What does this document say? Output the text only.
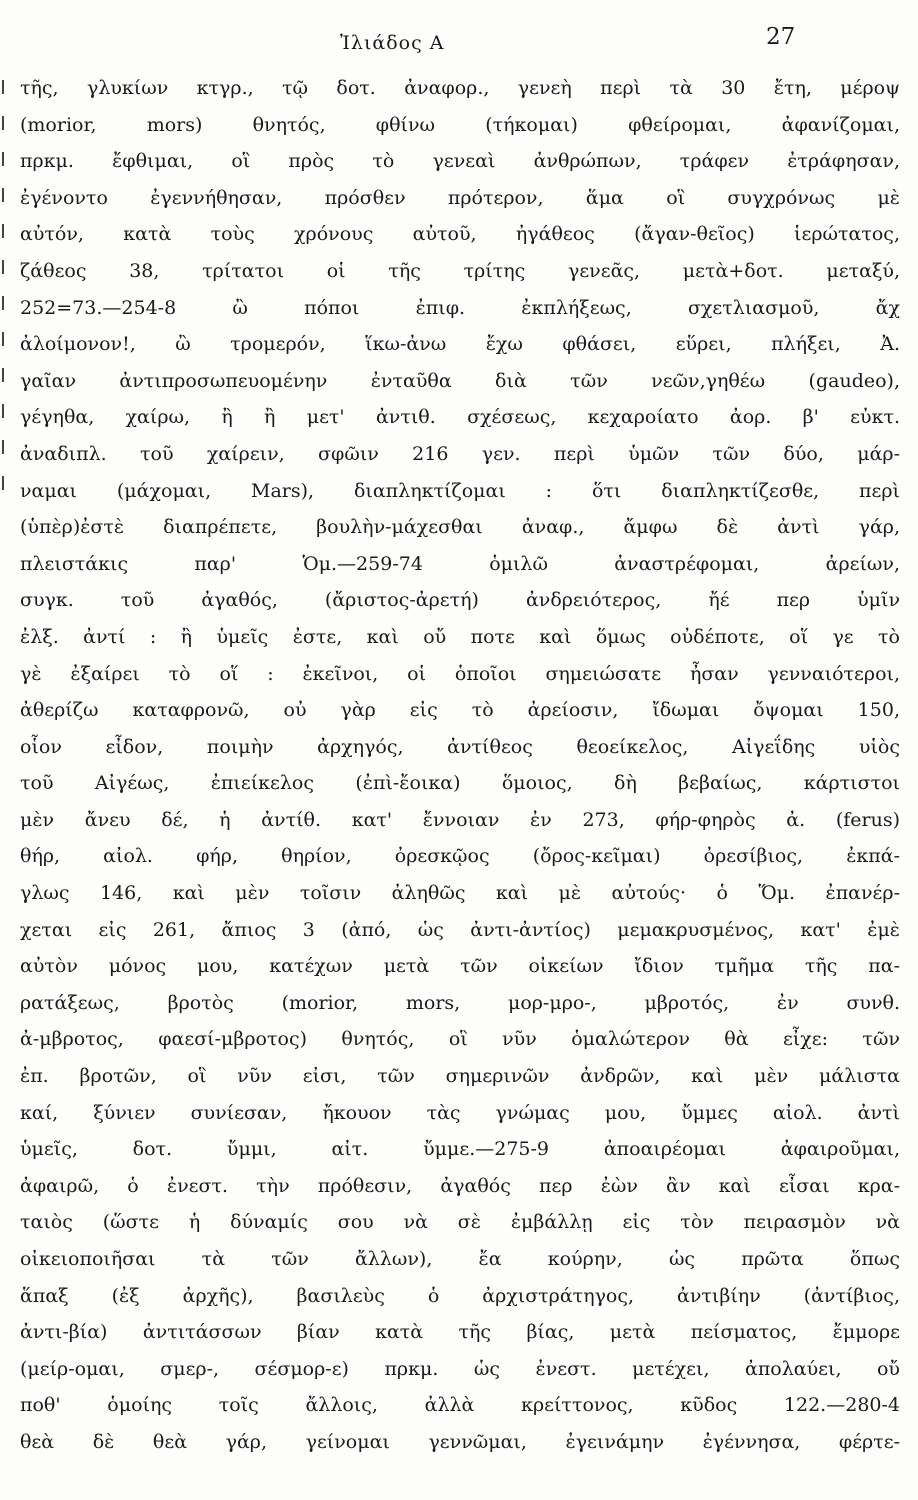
Ἰλιάδος Α	27
τῆς, γλυκίων κτγρ., τῷ δοτ. ἀναφορ., γενεὴ περὶ τὰ 30 ἔτη, μέροψ
(morior, mors) θνητός, φθίνω (τήκομαι) φθείρομαι, ἀφανίζομαι,
πρκμ. ἔφθιμαι, οἳ πρὸς τὸ γενεαὶ ἀνθρώπων, τράφεν ἐτράφησαν,
ἐγένοντο ἐγεννήθησαν, πρόσθεν πρότερον, ἅμα οἳ συγχρόνως μὲ
αὐτόν, κατὰ τοὺς χρόνους αὐτοῦ, ἠγάθεος (ἄγαν-θεῖος) ἱερώτατος,
ζάθεος 38, τρίτατοι οἱ τῆς τρίτης γενεᾶς, μετὰ+δοτ. μεταξύ,
252=73.—254-8 ὢ πόποι ἐπιφ. ἐκπλήξεως, σχετλιασμοῦ, ἄχ
ἀλοίμονον!, ὢ τρομερόν, ἵκω-ἀνω ἔχω φθάσει, εὕρει, πλήξει, Ἀ.
γαῖαν ἀντιπροσωπευομένην ἐνταῦθα διὰ τῶν νεῶν,γηθέω (gaudeo),
γέγηθα, χαίρω, ἢ ἢ μετ' ἀντιθ. σχέσεως, κεχαροίατο ἀορ. β' εὐκτ.
ἀναδιπλ. τοῦ χαίρειν, σφῶιν 216 γεν. περὶ ὑμῶν τῶν δύο, μάρ-
ναμαι (μάχομαι, Mars), διαπληκτίζομαι : ὅτι διαπληκτίζεσθε, περὶ
(ὑπὲρ)ἐστὲ διαπρέπετε, βουλὴν-μάχεσθαι ἀναφ., ἄμφω δὲ ἀντὶ γάρ,
πλειστάκις παρ' Ὁμ.—259-74 ὁμιλῶ ἀναστρέφομαι, ἀρείων,
συγκ. τοῦ ἀγαθός, (ἄριστος-ἀρετή) ἀνδρειότερος, ἤέ περ ὑμῖν
ἐλξ. ἀντί : ἢ ὑμεῖς ἐστε, καὶ οὔ ποτε καὶ ὅμως οὐδέποτε, οἵ γε τὸ
γὲ ἐξαίρει τὸ οἵ : ἐκεῖνοι, οἱ ὁποῖοι σημειώσατε ἦσαν γενναιότεροι,
ἀθερίζω καταφρονῶ, οὐ γὰρ εἰς τὸ ἀρείοσιν, ἴδωμαι ὄψομαι 150,
οἷον εἶδον, ποιμὴν ἀρχηγός, ἀντίθεος θεοείκελος, Αἰγεΐδης υἱὸς
τοῦ Αἰγέως, ἐπιείκελος (ἐπὶ-ἔοικα) ὅμοιος, δὴ βεβαίως, κάρτιστοι
μὲν ἄνευ δέ, ἡ ἀντίθ. κατ' ἔννοιαν ἐν 273, φήρ-φηρὸς ἀ. (ferus)
θήρ, αἰολ. φήρ, θηρίον, ὀρεσκῷος (ὄρος-κεῖμαι) ὀρεσίβιος, ἐκπά-
γλως 146, καὶ μὲν τοῖσιν ἀληθῶς καὶ μὲ αὐτούς· ὁ Ὅμ. ἐπανέρ-
χεται εἰς 261, ἄπιος 3 (ἀπό, ὡς ἀντι-ἀντίος) μεμακρυσμένος, κατ' ἐμὲ
αὐτὸν μόνος μου, κατέχων μετὰ τῶν οἰκείων ἴδιον τμῆμα τῆς πα-
ρατάξεως, βροτὸς (morior, mors, μορ-μρο-, μβροτός, ἐν συνθ.
ἀ-μβροτος, φαεσί-μβροτος) θνητός, οἳ νῦν ὁμαλώτερον θὰ εἶχε: τῶν
ἐπ. βροτῶν, οἳ νῦν εἰσι, τῶν σημερινῶν ἀνδρῶν, καὶ μὲν μάλιστα
καί, ξύνιεν συνίεσαν, ἤκουον τὰς γνώμας μου, ὔμμες αἰολ. ἀντὶ
ὑμεῖς, δοτ. ὔμμι, αἰτ. ὔμμε.—275-9 ἀποαιρέομαι ἀφαιροῦμαι,
ἀφαιρῶ, ὁ ἐνεστ. τὴν πρόθεσιν, ἀγαθός περ ἐὼν ἂν καὶ εἶσαι κρα-
ταιὸς (ὥστε ἡ δύναμίς σου νὰ σὲ ἐμβάλλῃ εἰς τὸν πειρασμὸν νὰ
οἰκειοποιῆσαι τὰ τῶν ἄλλων), ἔα κούρην, ὡς πρῶτα ὅπως
ἅπαξ (ἐξ ἀρχῆς), βασιλεὺς ὁ ἀρχιστράτηγος, ἀντιβίην (ἀντίβιος,
ἀντι-βία) ἀντιτάσσων βίαν κατὰ τῆς βίας, μετὰ πείσματος, ἔμμορε
(μείρ-ομαι, σμερ-, σέσμορ-ε) πρκμ. ὡς ἐνεστ. μετέχει, ἀπολαύει, οὔ
ποθ' ὁμοίης τοῖς ἄλλοις, ἀλλὰ κρείττονος, κῦδος 122.—280-4
θεὰ δὲ θεὰ γάρ, γείνομαι γεννῶμαι, ἐγεινάμην ἐγέννησα, φέρτε-
